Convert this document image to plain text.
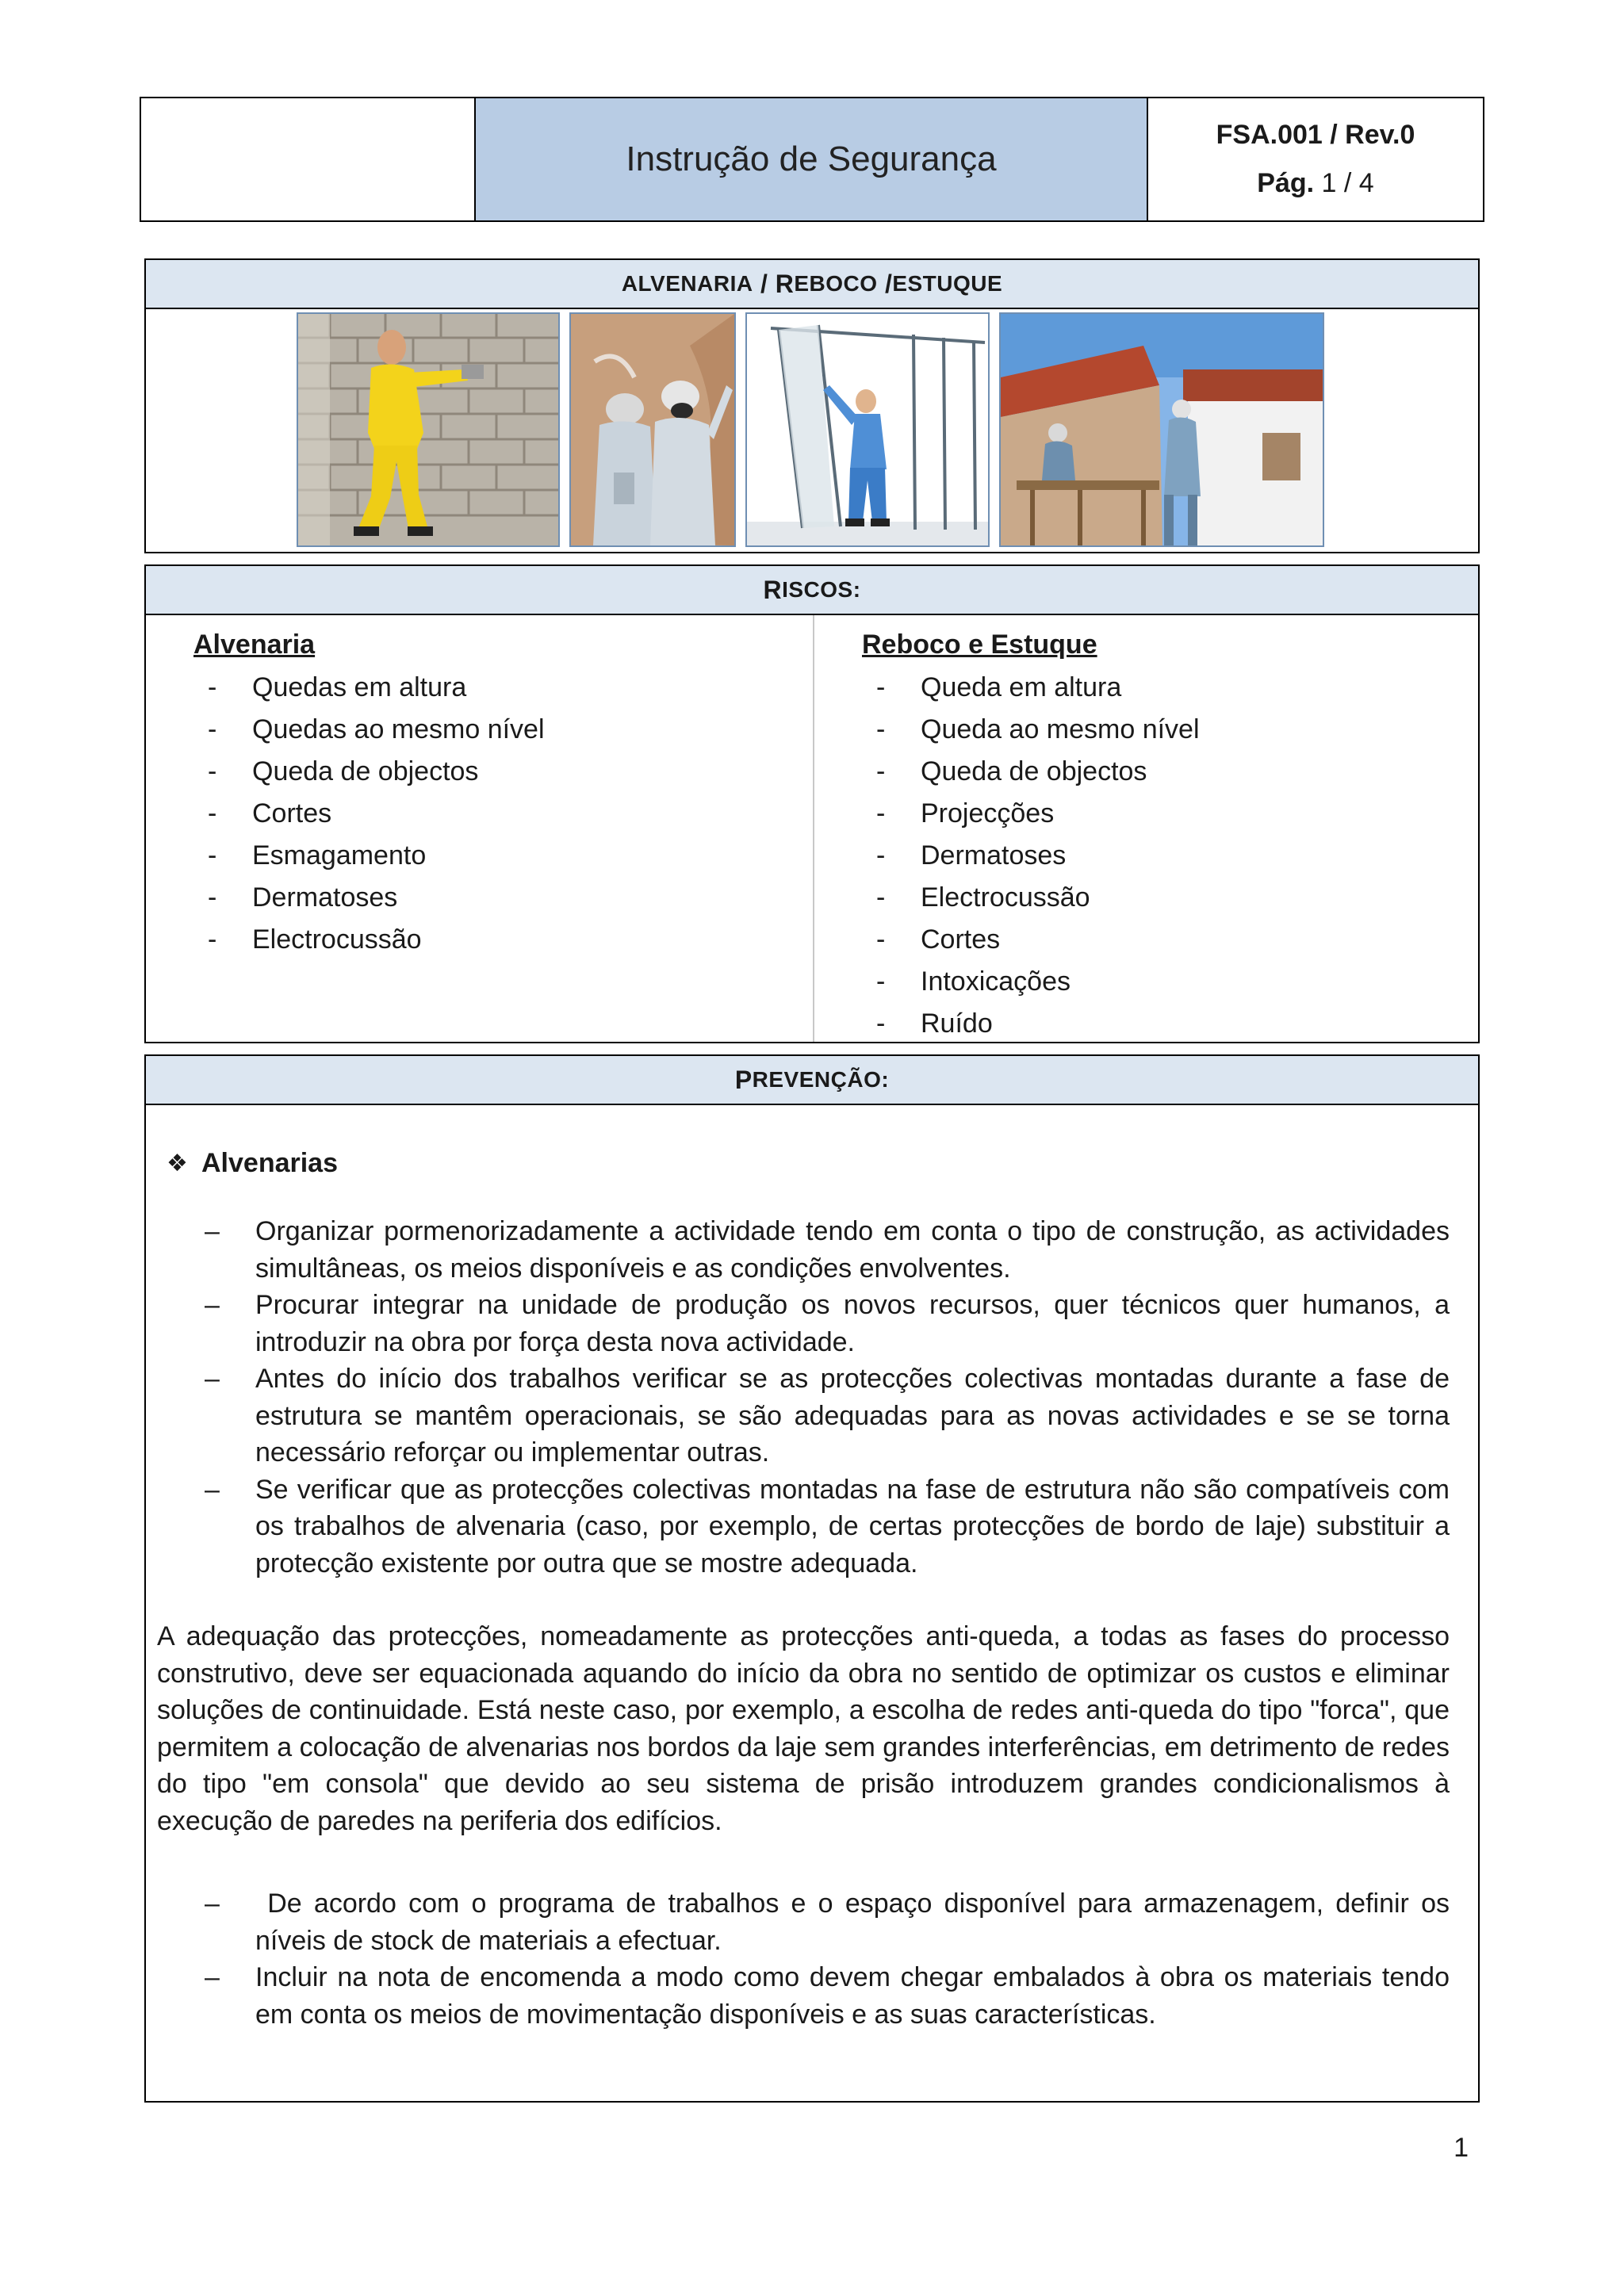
Instrução de Segurança
FSA.001 / Rev.0
Pág. 1 / 4
ALVENARIA / R EBOCO / ESTUQUE
R ISCOS:
Alvenaria
-	Quedas em altura
-	Quedas ao mesmo nível
-	Queda de objectos
-	Cortes
-	Esmagamento
-	Dermatoses
-	Electrocussão
Reboco e Estuque
-	Queda em altura
-	Queda ao mesmo nível
-	Queda de objectos
-	Projecções
-	Dermatoses
-	Electrocussão
-	Cortes
-	Intoxicações
-	Ruído
P REVENÇÃO:
❖ Alvenarias
–	Organizar pormenorizadamente a actividade tendo em conta o tipo de construção, as actividades simultâneas, os meios disponíveis e as condições envolventes.
–	Procurar integrar na unidade de produção os novos recursos, quer técnicos quer humanos, a introduzir na obra por força desta nova actividade.
–	Antes do início dos trabalhos verificar se as protecções colectivas montadas durante a fase de estrutura se mantêm operacionais, se são adequadas para as novas actividades e se se torna necessário reforçar ou implementar outras.
–	Se verificar que as protecções colectivas montadas na fase de estrutura não são compatíveis com os trabalhos de alvenaria (caso, por exemplo, de certas protecções de bordo de laje) substituir a protecção existente por outra que se mostre adequada.

A adequação das protecções, nomeadamente as protecções anti-queda, a todas as fases do processo construtivo, deve ser equacionada aquando do início da obra no sentido de optimizar os custos e eliminar soluções de continuidade. Está neste caso, por exemplo, a escolha de redes anti-queda do tipo "forca", que permitem a colocação de alvenarias nos bordos da laje sem grandes interferências, em detrimento de redes do tipo "em consola" que devido ao seu sistema de prisão introduzem grandes condicionalismos à execução de paredes na periferia dos edifícios.

–	De acordo com o programa de trabalhos e o espaço disponível para armazenagem, definir os níveis de stock de materiais a efectuar.
–	Incluir na nota de encomenda a modo como devem chegar embalados à obra os materiais tendo em conta os meios de movimentação disponíveis e as suas características.
1
